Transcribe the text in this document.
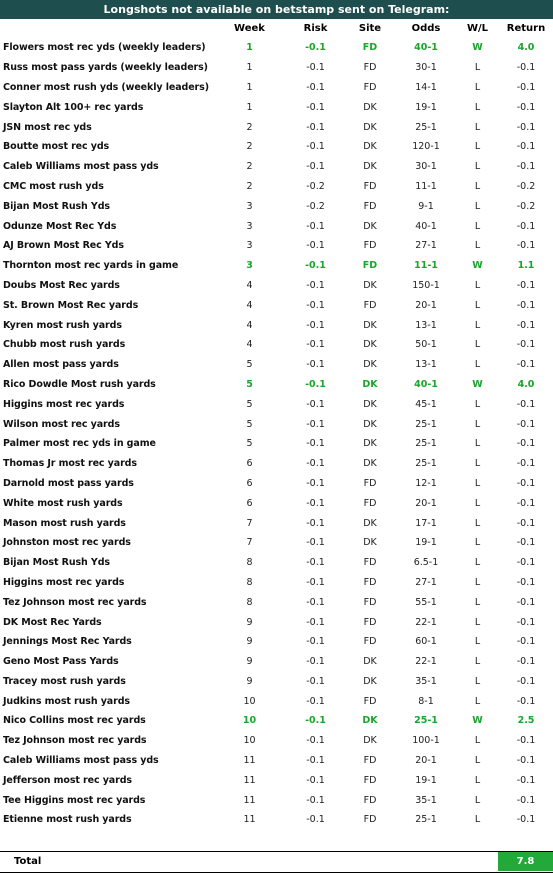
Longshots not available on betstamp sent on Telegram:
	Week	Risk	Site	Odds	W/L	Return
Flowers most rec yds (weekly leaders)	1	-0.1	FD	40-1	W	4.0
Russ most pass yards (weekly leaders)	1	-0.1	FD	30-1	L	-0.1
Conner most rush yds (weekly leaders)	1	-0.1	FD	14-1	L	-0.1
Slayton Alt 100+ rec yards	1	-0.1	DK	19-1	L	-0.1
JSN most rec yds	2	-0.1	DK	25-1	L	-0.1
Boutte most rec yds	2	-0.1	DK	120-1	L	-0.1
Caleb Williams most pass yds	2	-0.1	DK	30-1	L	-0.1
CMC most rush yds	2	-0.2	FD	11-1	L	-0.2
Bijan Most Rush Yds	3	-0.2	FD	9-1	L	-0.2
Odunze Most Rec Yds	3	-0.1	DK	40-1	L	-0.1
AJ Brown Most Rec Yds	3	-0.1	FD	27-1	L	-0.1
Thornton most rec yards in game	3	-0.1	FD	11-1	W	1.1
Doubs Most Rec yards	4	-0.1	DK	150-1	L	-0.1
St. Brown Most Rec yards	4	-0.1	FD	20-1	L	-0.1
Kyren most rush yards	4	-0.1	DK	13-1	L	-0.1
Chubb most rush yards	4	-0.1	DK	50-1	L	-0.1
Allen most pass yards	5	-0.1	DK	13-1	L	-0.1
Rico Dowdle Most rush yards	5	-0.1	DK	40-1	W	4.0
Higgins most rec yards	5	-0.1	DK	45-1	L	-0.1
Wilson most rec yards	5	-0.1	DK	25-1	L	-0.1
Palmer most rec yds in game	5	-0.1	DK	25-1	L	-0.1
Thomas Jr most rec yards	6	-0.1	DK	25-1	L	-0.1
Darnold most pass yards	6	-0.1	FD	12-1	L	-0.1
White most rush yards	6	-0.1	FD	20-1	L	-0.1
Mason most rush yards	7	-0.1	DK	17-1	L	-0.1
Johnston most rec yards	7	-0.1	DK	19-1	L	-0.1
Bijan Most Rush Yds	8	-0.1	FD	6.5-1	L	-0.1
Higgins most rec yards	8	-0.1	FD	27-1	L	-0.1
Tez Johnson most rec yards	8	-0.1	FD	55-1	L	-0.1
DK Most Rec Yards	9	-0.1	FD	22-1	L	-0.1
Jennings Most Rec Yards	9	-0.1	FD	60-1	L	-0.1
Geno Most Pass Yards	9	-0.1	DK	22-1	L	-0.1
Tracey most rush yards	9	-0.1	DK	35-1	L	-0.1
Judkins most rush yards	10	-0.1	FD	8-1	L	-0.1
Nico Collins most rec yards	10	-0.1	DK	25-1	W	2.5
Tez Johnson most rec yards	10	-0.1	DK	100-1	L	-0.1
Caleb Williams most pass yds	11	-0.1	FD	20-1	L	-0.1
Jefferson most rec yards	11	-0.1	FD	19-1	L	-0.1
Tee Higgins most rec yards	11	-0.1	FD	35-1	L	-0.1
Etienne most rush yards	11	-0.1	FD	25-1	L	-0.1
Total	7.8
